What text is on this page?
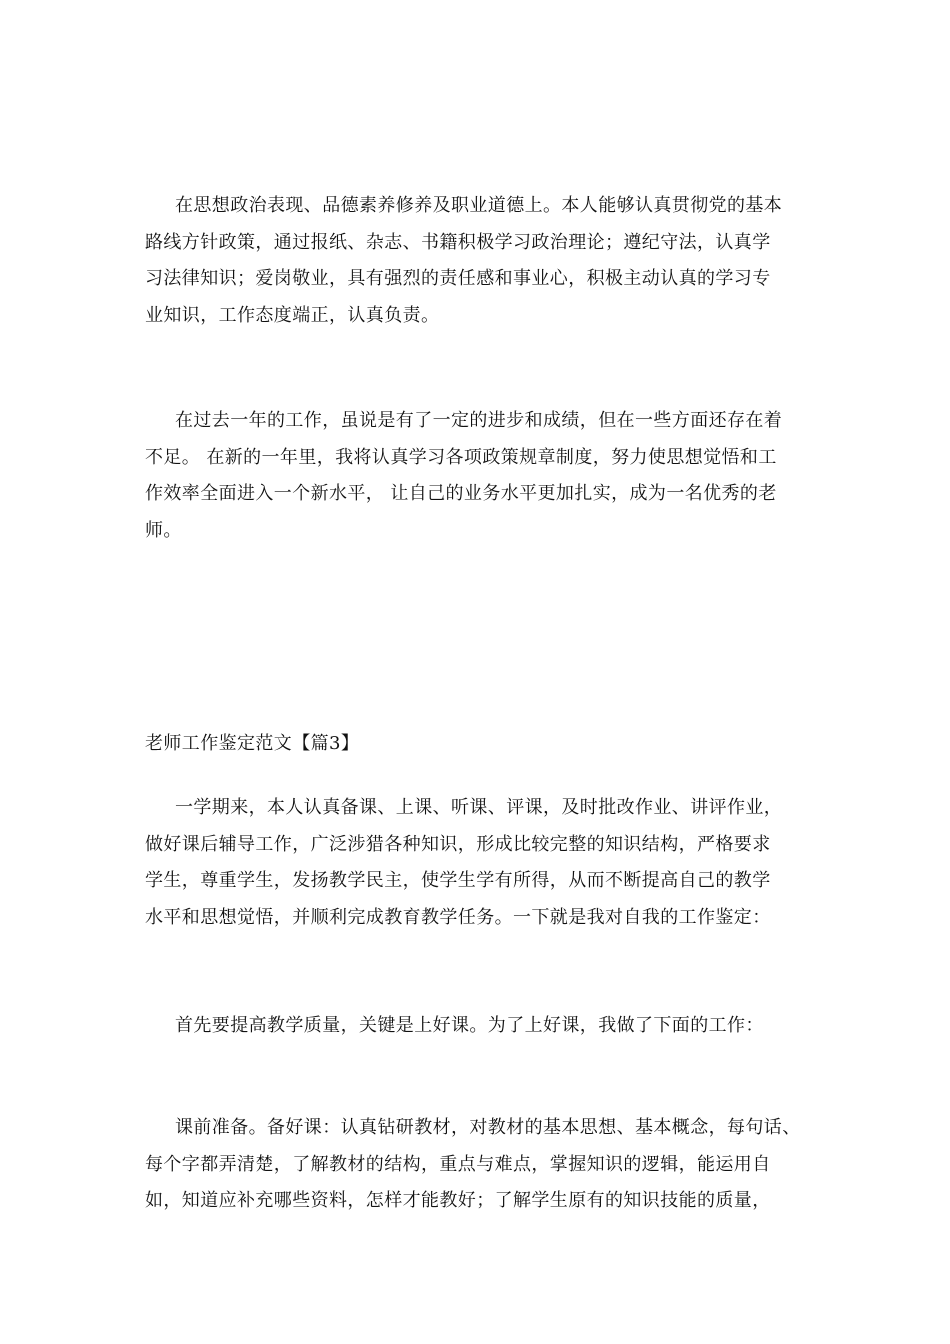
在思想政治表现、品德素养修养及职业道德上。本人能够认真贯彻党的基本
路线方针政策，通过报纸、杂志、书籍积极学习政治理论；遵纪守法，认真学
习法律知识；爱岗敬业，具有强烈的责任感和事业心，积极主动认真的学习专
业知识，工作态度端正，认真负责。
在过去一年的工作，虽说是有了一定的进步和成绩，但在一些方面还存在着
不足。 在新的一年里，我将认真学习各项政策规章制度，努力使思想觉悟和工
作效率全面进入一个新水平， 让自己的业务水平更加扎实，成为一名优秀的老
师。
老师工作鉴定范文【篇3】
一学期来，本人认真备课、上课、听课、评课，及时批改作业、讲评作业，
做好课后辅导工作，广泛涉猎各种知识，形成比较完整的知识结构，严格要求
学生，尊重学生，发扬教学民主，使学生学有所得，从而不断提高自己的教学
水平和思想觉悟，并顺利完成教育教学任务。一下就是我对自我的工作鉴定：
首先要提高教学质量，关键是上好课。为了上好课，我做了下面的工作：
课前准备。备好课：认真钻研教材，对教材的基本思想、基本概念，每句话、
每个字都弄清楚，了解教材的结构，重点与难点，掌握知识的逻辑，能运用自
如，知道应补充哪些资料，怎样才能教好；了解学生原有的知识技能的质量，
